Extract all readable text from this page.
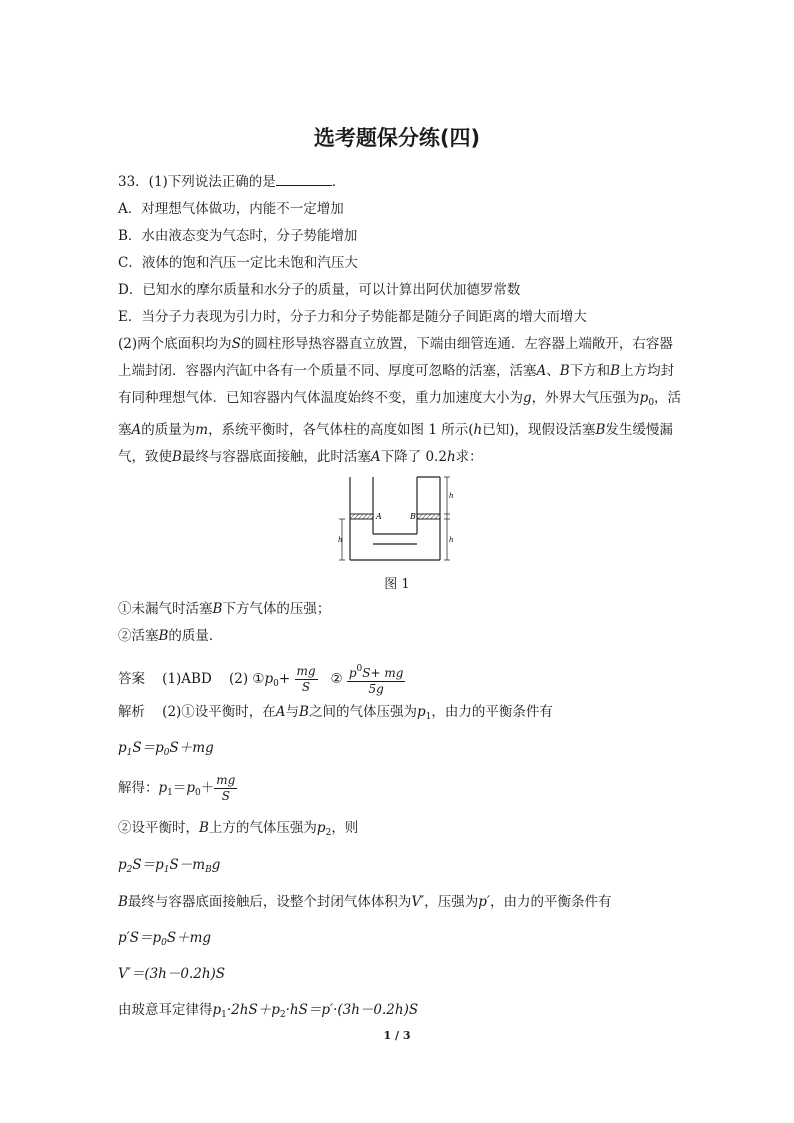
选考题保分练(四)
33．(1)下列说法正确的是	．
A．对理想气体做功，内能不一定增加
B．水由液态变为气态时，分子势能增加
C．液体的饱和汽压一定比未饱和汽压大
D．已知水的摩尔质量和水分子的质量，可以计算出阿伏加德罗常数
E．当分子力表现为引力时，分子力和分子势能都是随分子间距离的增大而增大
(2)两个底面积均为S的圆柱形导热容器直立放置，下端由细管连通．左容器上端敞开，右容器上端封闭．容器内汽缸中各有一个质量不同、厚度可忽略的活塞，活塞A、B下方和B上方均封有同种理想气体．已知容器内气体温度始终不变，重力加速度大小为g，外界大气压强为$p_0$，活塞A的质量为m，系统平衡时，各气体柱的高度如图 1 所示(h已知)，现假设活塞B发生缓慢漏气，致使B最终与容器底面接触，此时活塞A下降了 0.2h求：
A	B
h
h
h
图 1
①未漏气时活塞B下方气体的压强；
②活塞B的质量．
答案 (1)ABD (2) $①p_0+ \frac{mg}{S}$ ② $\frac{p^0S+ mg}{5g}$
解析 (2)①设平衡时，在A与B之间的气体压强为$p_1$，由力的平衡条件有
$p_1S=p_0S+mg$
解得：$p_1=p_0+ \frac{mg}{S}$
②设平衡时，B上方的气体压强为$p_2$，则
$p_2S=p_1S-m_Bg$
B最终与容器底面接触后，设整个封闭气体体积为V′，压强为p′，由力的平衡条件有
$p'S=p_0S+mg$
V′＝(3h－0.2h)S
由玻意耳定律得$p_1\cdot 2hS+p_2\cdot hS=p'\cdot(3h-0.2h)S$
1 / 3
